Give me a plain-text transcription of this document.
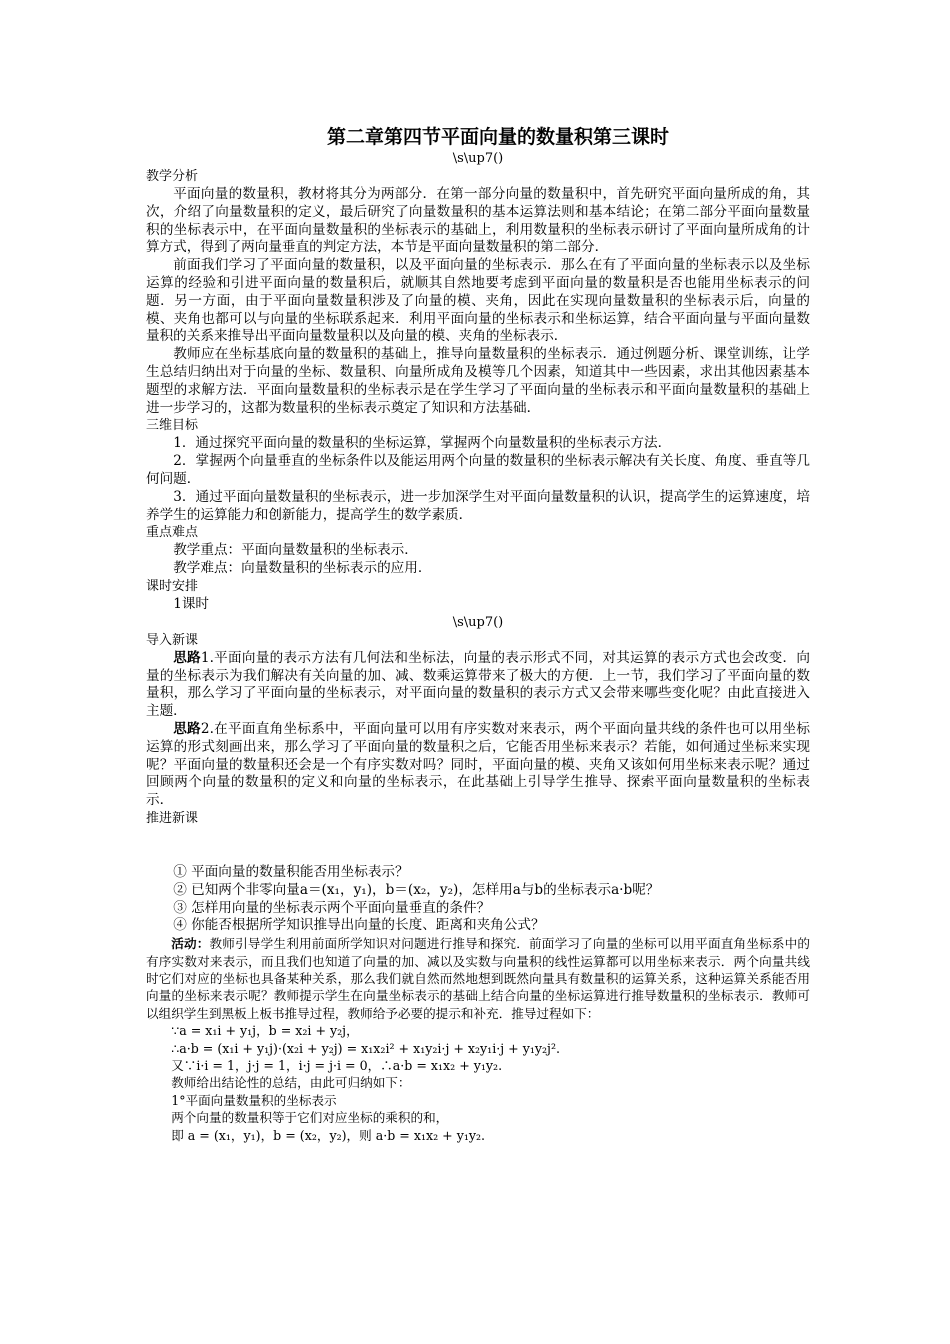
第二章第四节平面向量的数量积第三课时

\s\up7()

教学分析

平面向量的数量积，教材将其分为两部分．在第一部分向量的数量积中，首先研究平面向量所成的角，其次，介绍了向量数量积的定义，最后研究了向量数量积的基本运算法则和基本结论；在第二部分平面向量数量积的坐标表示中，在平面向量数量积的坐标表示的基础上，利用数量积的坐标表示研讨了平面向量所成角的计算方式，得到了两向量垂直的判定方法，本节是平面向量数量积的第二部分．

前面我们学习了平面向量的数量积，以及平面向量的坐标表示．那么在有了平面向量的坐标表示以及坐标运算的经验和引进平面向量的数量积后，就顺其自然地要考虑到平面向量的数量积是否也能用坐标表示的问题．另一方面，由于平面向量数量积涉及了向量的模、夹角，因此在实现向量数量积的坐标表示后，向量的模、夹角也都可以与向量的坐标联系起来．利用平面向量的坐标表示和坐标运算，结合平面向量与平面向量数量积的关系来推导出平面向量数量积以及向量的模、夹角的坐标表示．

教师应在坐标基底向量的数量积的基础上，推导向量数量积的坐标表示．通过例题分析、课堂训练，让学生总结归纳出对于向量的坐标、数量积、向量所成角及模等几个因素，知道其中一些因素，求出其他因素基本题型的求解方法．平面向量数量积的坐标表示是在学生学习了平面向量的坐标表示和平面向量数量积的基础上进一步学习的，这都为数量积的坐标表示奠定了知识和方法基础．

三维目标

1．通过探究平面向量的数量积的坐标运算，掌握两个向量数量积的坐标表示方法．

2．掌握两个向量垂直的坐标条件以及能运用两个向量的数量积的坐标表示解决有关长度、角度、垂直等几何问题．

3．通过平面向量数量积的坐标表示，进一步加深学生对平面向量数量积的认识，提高学生的运算速度，培养学生的运算能力和创新能力，提高学生的数学素质．

重点难点

教学重点：平面向量数量积的坐标表示．

教学难点：向量数量积的坐标表示的应用．

课时安排

1课时

\s\up7()

导入新课

思路1.平面向量的表示方法有几何法和坐标法，向量的表示形式不同，对其运算的表示方式也会改变．向量的坐标表示为我们解决有关向量的加、减、数乘运算带来了极大的方便．上一节，我们学习了平面向量的数量积，那么学习了平面向量的坐标表示，对平面向量的数量积的表示方式又会带来哪些变化呢？由此直接进入主题．

思路2.在平面直角坐标系中，平面向量可以用有序实数对来表示，两个平面向量共线的条件也可以用坐标运算的形式刻画出来，那么学习了平面向量的数量积之后，它能否用坐标来表示？若能，如何通过坐标来实现呢？平面向量的数量积还会是一个有序实数对吗？同时，平面向量的模、夹角又该如何用坐标来表示呢？通过回顾两个向量的数量积的定义和向量的坐标表示，在此基础上引导学生推导、探索平面向量数量积的坐标表示．

推进新课

① 平面向量的数量积能否用坐标表示？

② 已知两个非零向量a＝(x₁，y₁)，b＝(x₂，y₂)，怎样用a与b的坐标表示a·b呢？

③ 怎样用向量的坐标表示两个平面向量垂直的条件？

④ 你能否根据所学知识推导出向量的长度、距离和夹角公式？

活动：教师引导学生利用前面所学知识对问题进行推导和探究．前面学习了向量的坐标可以用平面直角坐标系中的有序实数对来表示，而且我们也知道了向量的加、减以及实数与向量积的线性运算都可以用坐标来表示．两个向量共线时它们对应的坐标也具备某种关系，那么我们就自然而然地想到既然向量具有数量积的运算关系，这种运算关系能否用向量的坐标来表示呢？教师提示学生在向量坐标表示的基础上结合向量的坐标运算进行推导数量积的坐标表示．教师可以组织学生到黑板上板书推导过程，教师给予必要的提示和补充．推导过程如下：

∵a = x₁i + y₁j，b = x₂i + y₂j，

∴a·b = (x₁i + y₁j)·(x₂i + y₂j) = x₁x₂i² + x₁y₂i·j + x₂y₁i·j + y₁y₂j².

又∵i·i = 1，j·j = 1，i·j = j·i = 0，∴a·b = x₁x₂ + y₁y₂.

教师给出结论性的总结，由此可归纳如下：

1°平面向量数量积的坐标表示

两个向量的数量积等于它们对应坐标的乘积的和，

即 a = (x₁，y₁)，b = (x₂，y₂)，则 a·b = x₁x₂ + y₁y₂.
